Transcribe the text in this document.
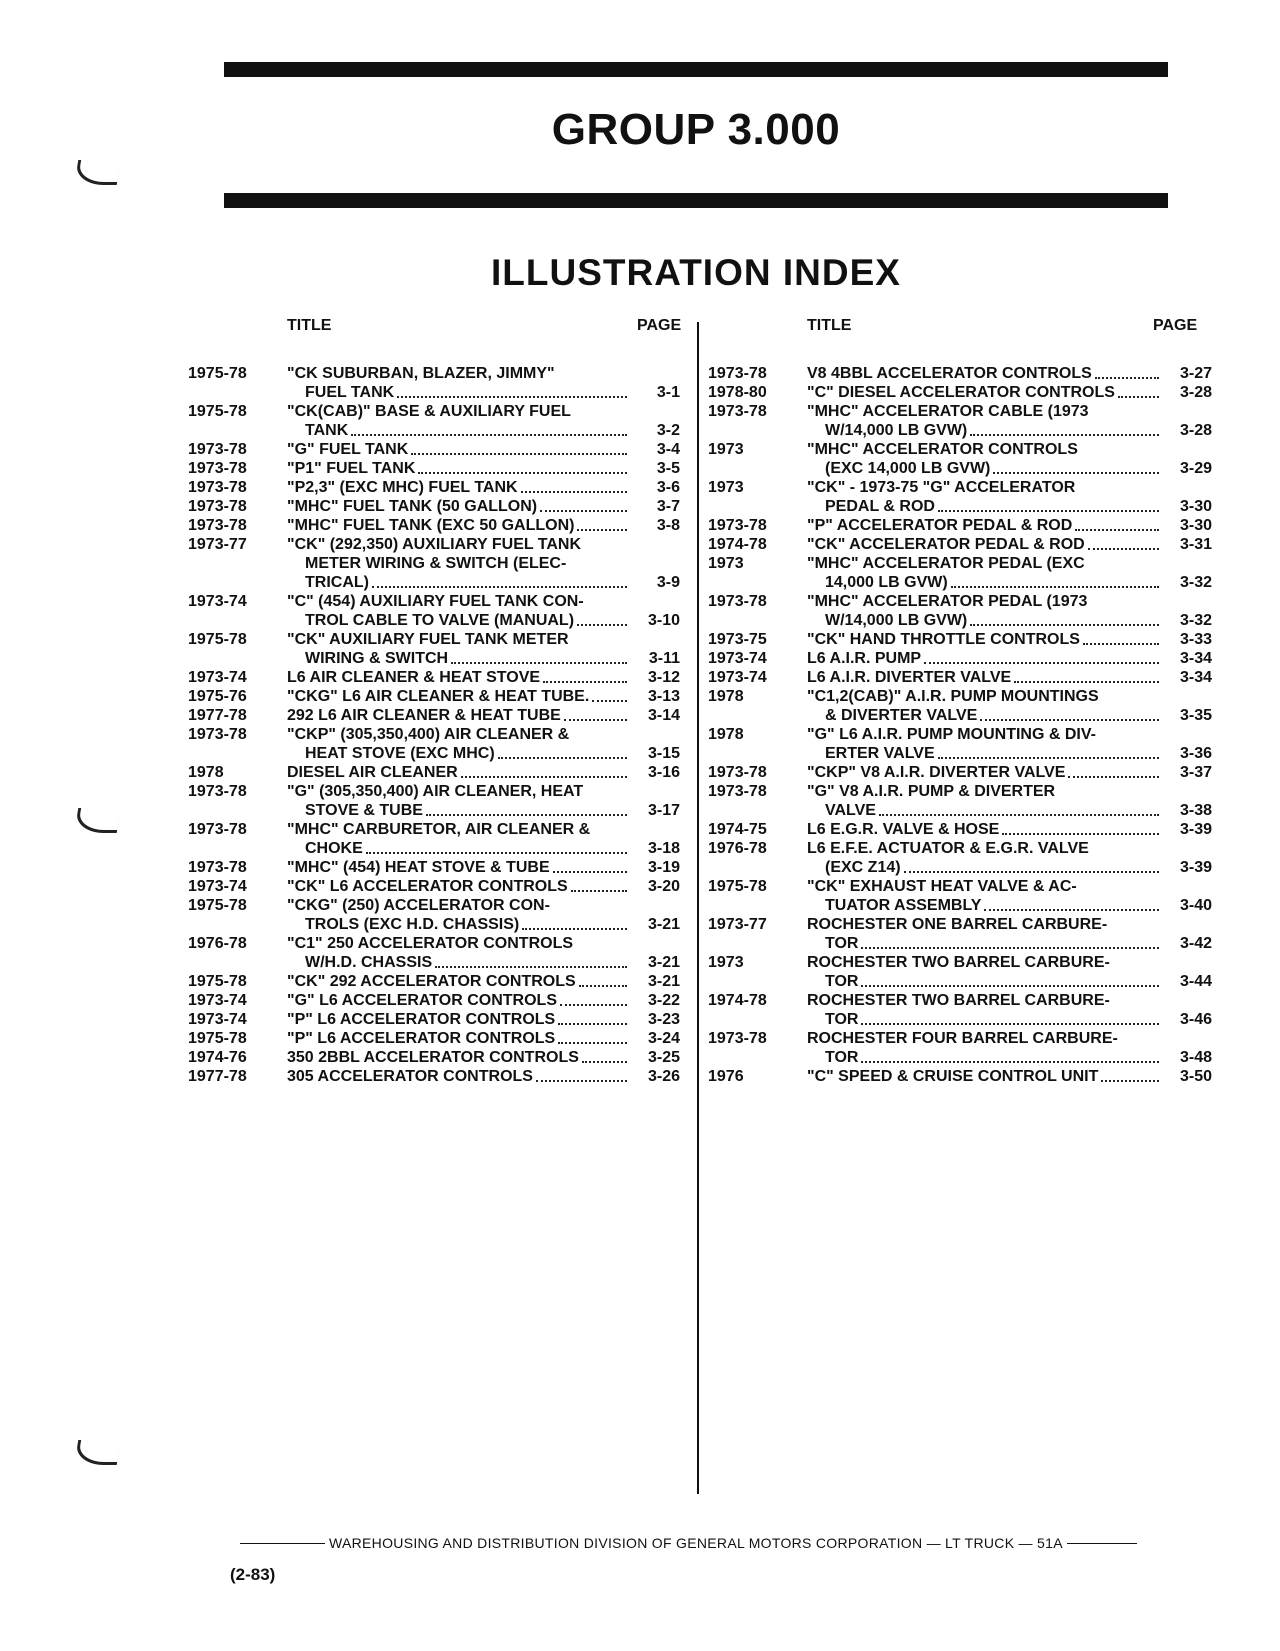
GROUP 3.000
ILLUSTRATION INDEX
TITLE	PAGE	TITLE	PAGE
1975-78	"CK SUBURBAN, BLAZER, JIMMY"
FUEL TANK	3-1
1975-78	"CK(CAB)" BASE & AUXILIARY FUEL
TANK	3-2
1973-78	"G" FUEL TANK	3-4
1973-78	"P1" FUEL TANK	3-5
1973-78	"P2,3" (EXC MHC) FUEL TANK	3-6
1973-78	"MHC" FUEL TANK (50 GALLON)	3-7
1973-78	"MHC" FUEL TANK (EXC 50 GALLON)	3-8
1973-77	"CK" (292,350) AUXILIARY FUEL TANK
METER WIRING & SWITCH (ELEC-
TRICAL)	3-9
1973-74	"C" (454) AUXILIARY FUEL TANK CON-
TROL CABLE TO VALVE (MANUAL)	3-10
1975-78	"CK" AUXILIARY FUEL TANK METER
WIRING & SWITCH	3-11
1973-74	L6 AIR CLEANER & HEAT STOVE	3-12
1975-76	"CKG" L6 AIR CLEANER & HEAT TUBE.	3-13
1977-78	292 L6 AIR CLEANER & HEAT TUBE	3-14
1973-78	"CKP" (305,350,400) AIR CLEANER &
HEAT STOVE (EXC MHC)	3-15
1978	DIESEL AIR CLEANER	3-16
1973-78	"G" (305,350,400) AIR CLEANER, HEAT
STOVE & TUBE	3-17
1973-78	"MHC" CARBURETOR, AIR CLEANER &
CHOKE	3-18
1973-78	"MHC" (454) HEAT STOVE & TUBE	3-19
1973-74	"CK" L6 ACCELERATOR CONTROLS	3-20
1975-78	"CKG" (250) ACCELERATOR CON-
TROLS (EXC H.D. CHASSIS)	3-21
1976-78	"C1" 250 ACCELERATOR CONTROLS
W/H.D. CHASSIS	3-21
1975-78	"CK" 292 ACCELERATOR CONTROLS	3-21
1973-74	"G" L6 ACCELERATOR CONTROLS	3-22
1973-74	"P" L6 ACCELERATOR CONTROLS	3-23
1975-78	"P" L6 ACCELERATOR CONTROLS	3-24
1974-76	350 2BBL ACCELERATOR CONTROLS	3-25
1977-78	305 ACCELERATOR CONTROLS	3-26
1973-78	V8 4BBL ACCELERATOR CONTROLS	3-27
1978-80	"C" DIESEL ACCELERATOR CONTROLS	3-28
1973-78	"MHC" ACCELERATOR CABLE (1973
W/14,000 LB GVW)	3-28
1973	"MHC" ACCELERATOR CONTROLS
(EXC 14,000 LB GVW)	3-29
1973	"CK" - 1973-75 "G" ACCELERATOR
PEDAL & ROD	3-30
1973-78	"P" ACCELERATOR PEDAL & ROD	3-30
1974-78	"CK" ACCELERATOR PEDAL & ROD	3-31
1973	"MHC" ACCELERATOR PEDAL (EXC
14,000 LB GVW)	3-32
1973-78	"MHC" ACCELERATOR PEDAL (1973
W/14,000 LB GVW)	3-32
1973-75	"CK" HAND THROTTLE CONTROLS	3-33
1973-74	L6 A.I.R. PUMP	3-34
1973-74	L6 A.I.R. DIVERTER VALVE	3-34
1978	"C1,2(CAB)" A.I.R. PUMP MOUNTINGS
& DIVERTER VALVE	3-35
1978	"G" L6 A.I.R. PUMP MOUNTING & DIV-
ERTER VALVE	3-36
1973-78	"CKP" V8 A.I.R. DIVERTER VALVE	3-37
1973-78	"G" V8 A.I.R. PUMP & DIVERTER
VALVE	3-38
1974-75	L6 E.G.R. VALVE & HOSE	3-39
1976-78	L6 E.F.E. ACTUATOR & E.G.R. VALVE
(EXC Z14)	3-39
1975-78	"CK" EXHAUST HEAT VALVE & AC-
TUATOR ASSEMBLY	3-40
1973-77	ROCHESTER ONE BARREL CARBURE-
TOR	3-42
1973	ROCHESTER TWO BARREL CARBURE-
TOR	3-44
1974-78	ROCHESTER TWO BARREL CARBURE-
TOR	3-46
1973-78	ROCHESTER FOUR BARREL CARBURE-
TOR	3-48
1976	"C" SPEED & CRUISE CONTROL UNIT	3-50
WAREHOUSING AND DISTRIBUTION DIVISION OF GENERAL MOTORS CORPORATION — LT TRUCK — 51A
(2-83)
